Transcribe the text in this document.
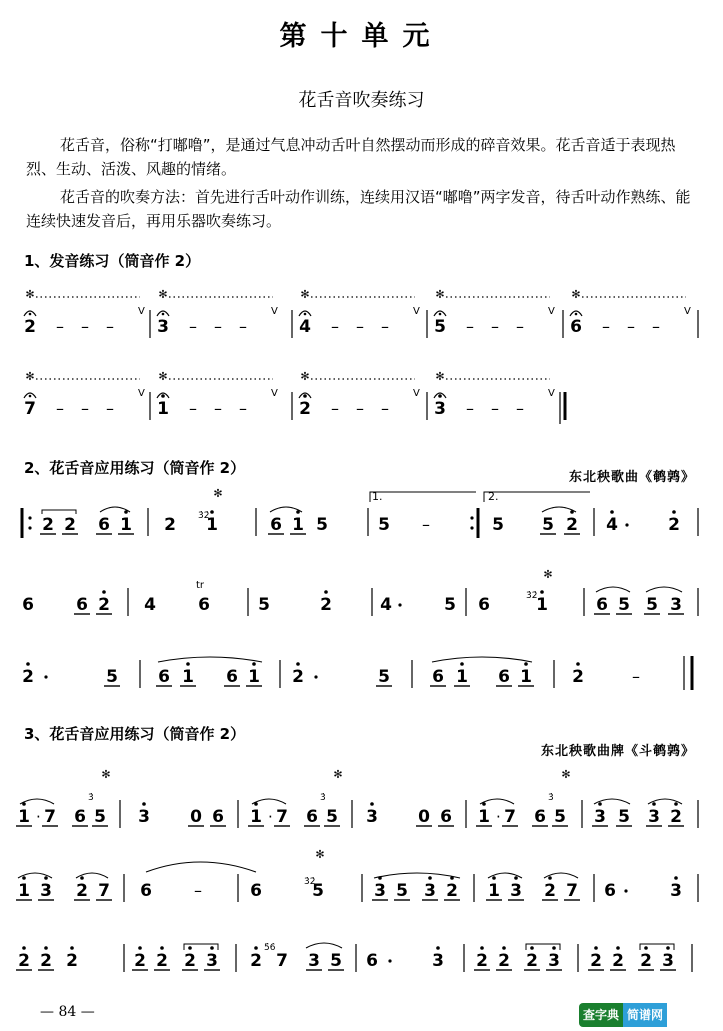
第十单元
花舌音吹奏练习
花舌音，俗称“打嘟噜”，是通过气息冲动舌叶自然摆动而形成的碎音效果。花舌音适于表现热烈、生动、活泼、风趣的情绪。
花舌音的吹奏方法：首先进行舌叶动作训练，连续用汉语“嘟噜”两字发音，待舌叶动作熟练、能连续快速发音后，再用乐器吹奏练习。
1、发音练习（筒音作 2）
2、花舌音应用练习（筒音作 2）
东北秧歌曲《鹌鹑》
3、花舌音应用练习（筒音作 2）
东北秧歌曲牌《斗鹌鹑》
✻
2 – – –
V
✻
3 – – –
V
✻
4 – – –
V
✻
5 – – –
V
✻
6 – – –
V
✻
7 – – –
V
✻
1 – – –
V
✻
2 – – –
V
✻
3 – – –
V
2 2 6 1 2
✻
1
3̇2̇	6 1 5
1.
5 –
2.
5 5 2 4	2
6 6 2 4
tr
6	5	2	4	5 6
✻
1
3̇2̇	6 5 5 3
2	5 6 1 6 1 2	5 6 1 6 1 2	–
1 · 7 6 5
3̇
✻
3 0 6 1 · 7 6 5
3̇
✻
3 0 6 1 · 7 6 5
3̇
✻
3 5 3 2
1 3 2 7 6	–	6	3̇2̇
✻
5	3 5 3 2 1 3 2 7 6	3
2 2 2	2 2 2 3 2
5̇6̇
7 3 5 6	3 2 2 2 3 2 2 2 3
— 84 —	查字典 简谱网
